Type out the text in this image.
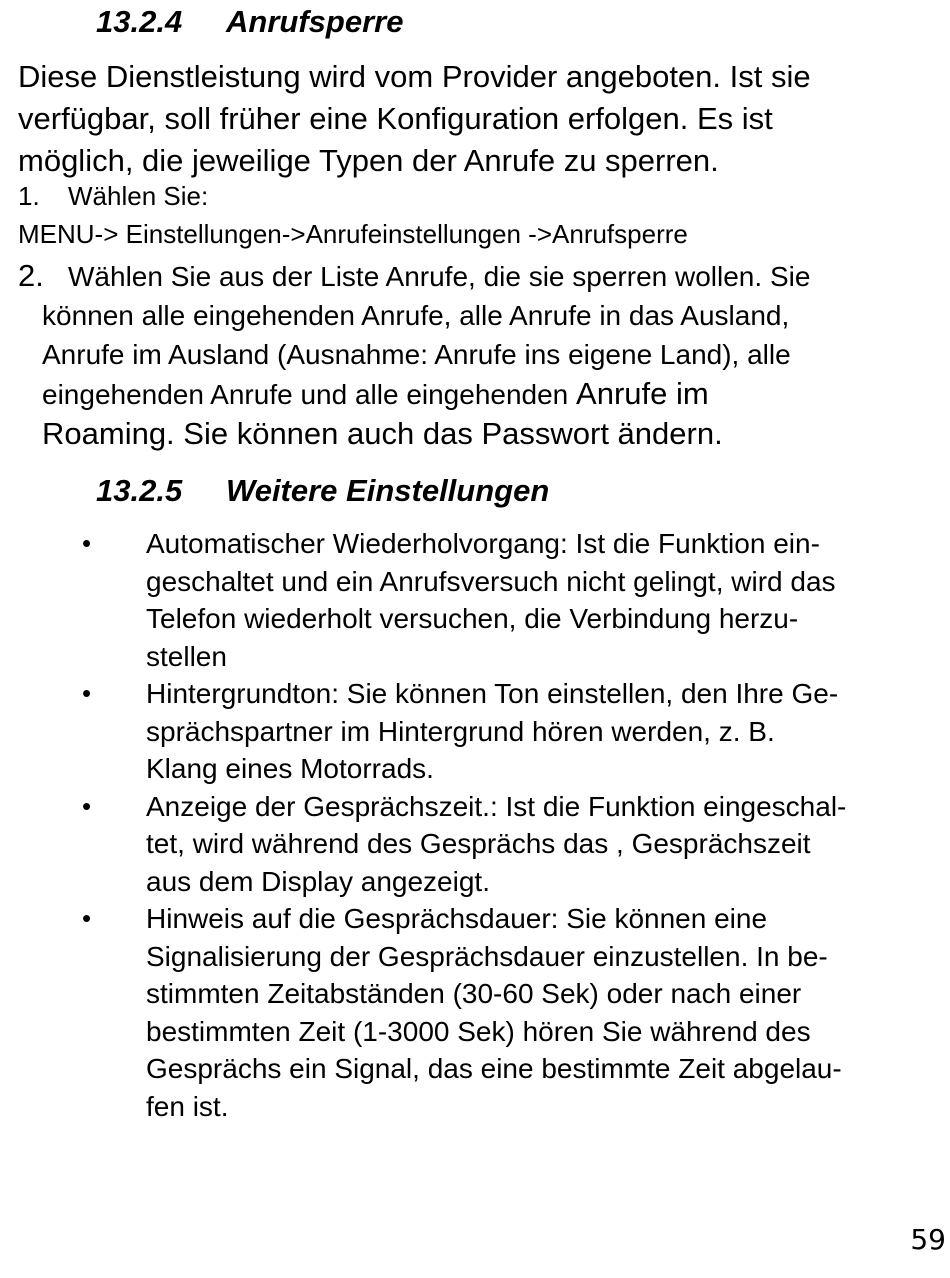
13.2.4 Anrufsperre

Diese Dienstleistung wird vom Provider angeboten. Ist sie
verfügbar, soll früher eine Konfiguration erfolgen. Es ist
möglich, die jeweilige Typen der Anrufe zu sperren.

1. Wählen Sie:
MENU-> Einstellungen->Anrufeinstellungen ->Anrufsperre
2. Wählen Sie aus der Liste Anrufe, die sie sperren wollen. Sie
können alle eingehenden Anrufe, alle Anrufe in das Ausland,
Anrufe im Ausland (Ausnahme: Anrufe ins eigene Land), alle
eingehenden Anrufe und alle eingehenden Anrufe im
Roaming. Sie können auch das Passwort ändern.
13.2.5 Weitere Einstellungen
• Automatischer Wiederholvorgang: Ist die Funktion ein-
geschaltet und ein Anrufsversuch nicht gelingt, wird das
Telefon wiederholt versuchen, die Verbindung herzu-
stellen
• Hintergrundton: Sie können Ton einstellen, den Ihre Ge-
sprächspartner im Hintergrund hören werden, z. B.
Klang eines Motorrads.
• Anzeige der Gesprächszeit.: Ist die Funktion eingeschal-
tet, wird während des Gesprächs das , Gesprächszeit
aus dem Display angezeigt.
• Hinweis auf die Gesprächsdauer: Sie können eine
Signalisierung der Gesprächsdauer einzustellen. In be-
stimmten Zeitabständen (30-60 Sek) oder nach einer
bestimmten Zeit (1-3000 Sek) hören Sie während des
Gesprächs ein Signal, das eine bestimmte Zeit abgelau-
fen ist.
59
